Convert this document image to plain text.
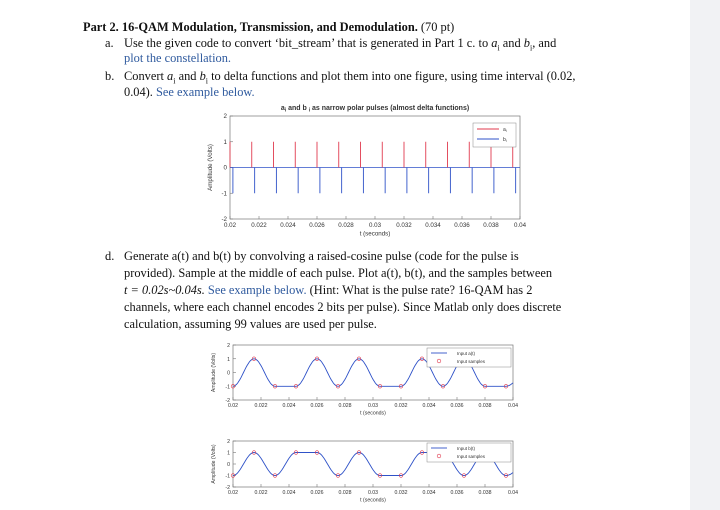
Part 2. 16-QAM Modulation, Transmission, and Demodulation. (70 pt)
a. Use the given code to convert ‘bit_stream’ that is generated in Part 1 c. to $a_i$ and $b_i$, and
plot the constellation.
b. Convert $a_i$ and $b_i$ to delta functions and plot them into one figure, using time interval (0.02,
0.04). See example below.
d. Generate a(t) and b(t) by convolving a raised-cosine pulse (code for the pulse is
provided). Sample at the middle of each pulse. Plot a(t), b(t), and the samples between
t = 0.02s~0.04s. See example below. (Hint: What is the pulse rate? 16-QAM has 2
channels, where each channel encodes 2 bits per pulse). Since Matlab only does discrete
calculation, assuming 99 values are used per pulse.
2
1
0
-1
-2
0.02 0.022 0.024 0.026 0.028 0.03 0.032 0.034 0.036 0.038 0.04
t (seconds)
Amplitude (Volts)
$a_i$ and b $_i$ as narrow polar pulses (almost delta functions)
$a_i$
$b_i$
2
1
0
-1
-2
0.02	0.022	0.024	0.026	0.028	0.03	0.032	0.034	0.036	0.038	0.04
t (seconds)
Amplitude (Volts)	Input a(t)
Input samples
2
1
0
-1
-2
0.02	0.022	0.024	0.026	0.028	0.03	0.032	0.034	0.036	0.038	0.04
t (seconds)
Amplitude (Volts)	Input b(t)
Input samples
